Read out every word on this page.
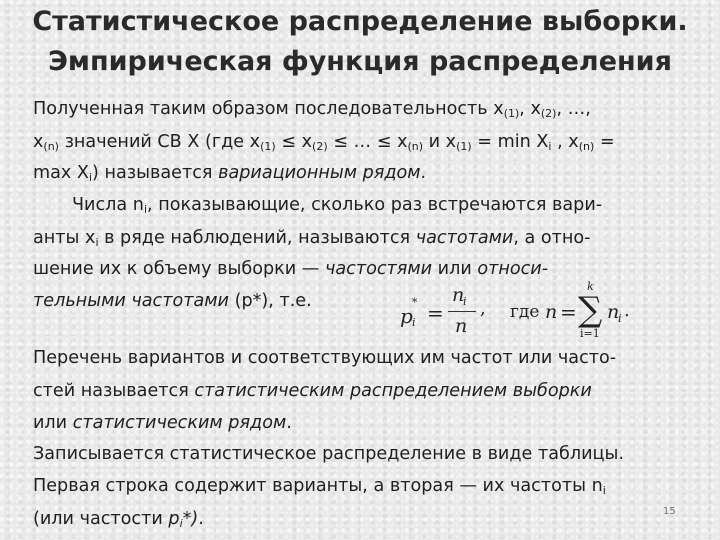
Статистическое распределение выборки.
Эмпирическая функция распределения
Полученная таким образом последовательность $x_{(1)}$, $x_{(2)}$, …,
$x_{(n)}$ значений СВ X (где $x_{(1)} \le x_{(2)}$ ≤ … ≤ $x_{(n)}$ и $x_{(1)} = \min X_i$ , $x_{(n)}$ =
$\max X_i$) называется вариационным рядом.
Числа $n_i$, показывающие, сколько раз встречаются вари-
анты $x_i$ в ряде наблюдений, называются частотами, а отно-
шение их к объему выборки — частостями или относи-
тельными частотами (p*), т.е.
p i
* =
n
i
n
, где n = ∑
k
i=1
n
i .
Перечень вариантов и соответствующих им частот или часто-
стей называется статистическим распределением выборки
или статистическим рядом.
Записывается статистическое распределение в виде таблицы.
Первая строка содержит варианты, а вторая — их частоты $n_i$
(или частости $p_i*$).	15
